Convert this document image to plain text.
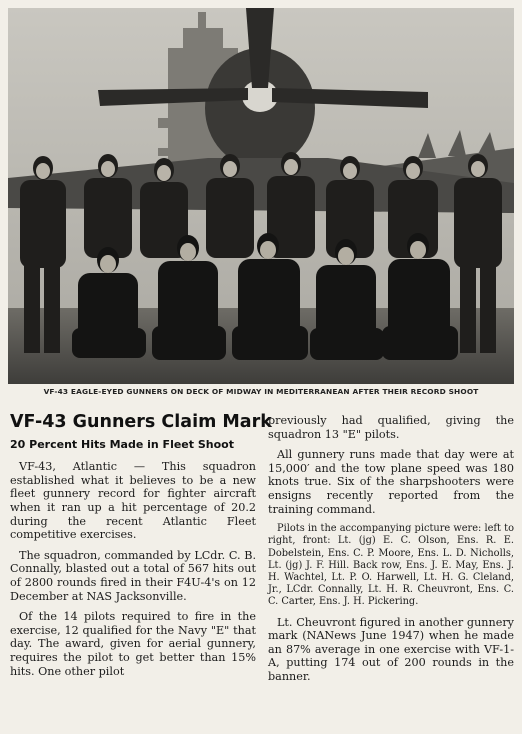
VF-43 EAGLE-EYED GUNNERS ON DECK OF MIDWAY IN MEDITERRANEAN AFTER THEIR RECORD SHOOT
VF-43 Gunners Claim Mark
20 Percent Hits Made in Fleet Shoot

VF-43, Atlantic — This squadron established what it believes to be a new fleet gunnery record for fighter aircraft when it ran up a hit percentage of 20.2 during the recent Atlantic Fleet competitive exercises.

The squadron, commanded by LCdr. C. B. Connally, blasted out a total of 567 hits out of 2800 rounds fired in their F4U-4's on 12 December at NAS Jacksonville.

Of the 14 pilots required to fire in the exercise, 12 qualified for the Navy "E" that day. The award, given for aerial gunnery, requires the pilot to get better than 15% hits. One other pilot

previously had qualified, giving the squadron 13 "E" pilots.

All gunnery runs made that day were at 15,000′ and the tow plane speed was 180 knots true. Six of the sharpshooters were ensigns recently reported from the training command.

Pilots in the accompanying picture were: left to right, front: Lt. (jg) E. C. Olson, Ens. R. E. Dobelstein, Ens. C. P. Moore, Ens. L. D. Nicholls, Lt. (jg) J. F. Hill. Back row, Ens. J. E. May, Ens. J. H. Wachtel, Lt. P. O. Harwell, Lt. H. G. Cleland, Jr., LCdr. Connally, Lt. H. R. Cheuvront, Ens. C. C. Carter, Ens. J. H. Pickering.

Lt. Cheuvront figured in another gunnery mark (NANews June 1947) when he made an 87% average in one exercise with VF-1-A, putting 174 out of 200 rounds in the banner.
